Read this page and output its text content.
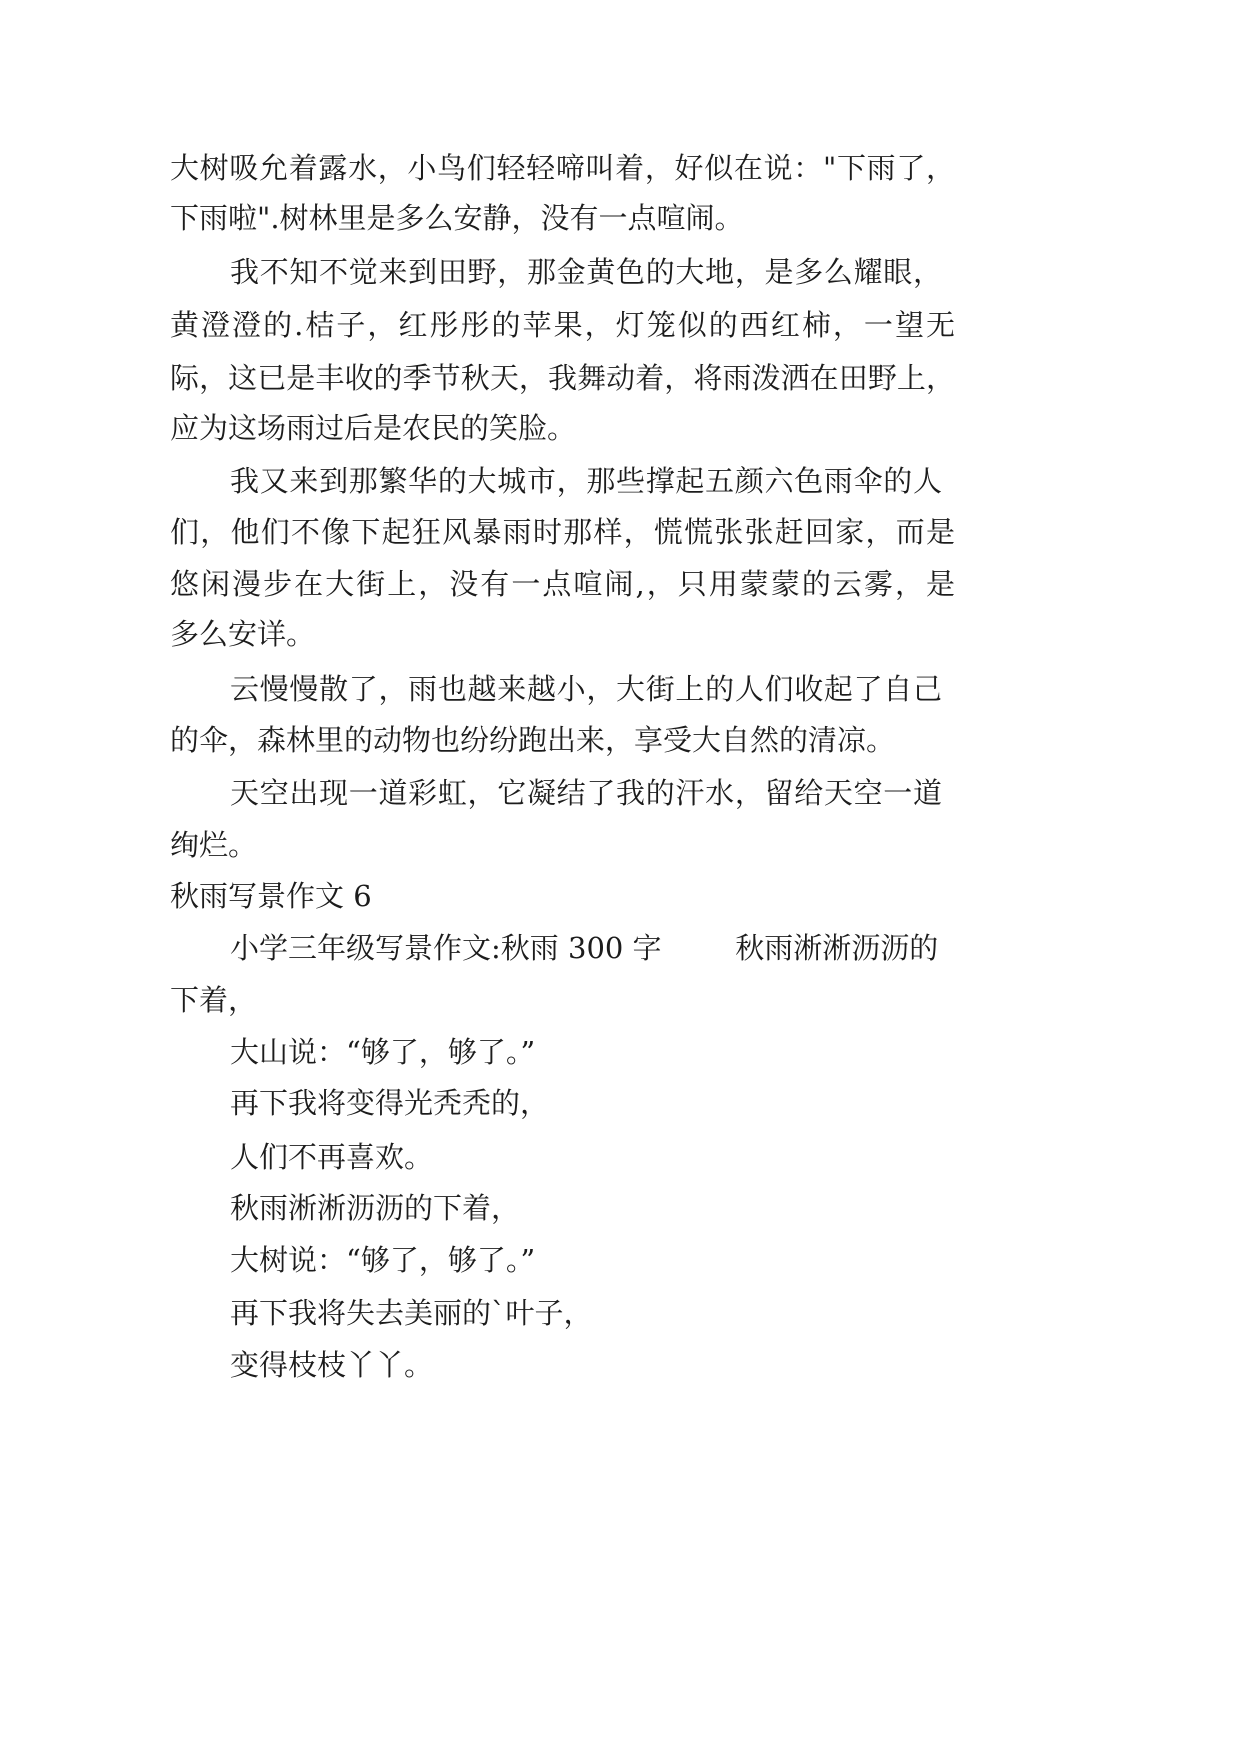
大树吸允着露水，小鸟们轻轻啼叫着，好似在说："下雨了，
下雨啦".树林里是多么安静，没有一点喧闹。
我不知不觉来到田野，那金黄色的大地，是多么耀眼，
黄澄澄的.桔子，红彤彤的苹果，灯笼似的西红柿，一望无
际，这已是丰收的季节秋天，我舞动着，将雨泼洒在田野上，
应为这场雨过后是农民的笑脸。
我又来到那繁华的大城市，那些撑起五颜六色雨伞的人
们，他们不像下起狂风暴雨时那样，慌慌张张赶回家，而是
悠闲漫步在大街上，没有一点喧闹,，只用蒙蒙的云雾，是
多么安详。
云慢慢散了，雨也越来越小，大街上的人们收起了自己
的伞，森林里的动物也纷纷跑出来，享受大自然的清凉。
天空出现一道彩虹，它凝结了我的汗水，留给天空一道
绚烂。
秋雨写景作文 6
小学三年级写景作文:秋雨 300 字        秋雨淅淅沥沥的
下着，
大山说：“够了，够了。”
再下我将变得光秃秃的，
人们不再喜欢。
秋雨淅淅沥沥的下着，
大树说：“够了，够了。”
再下我将失去美丽的`叶子，
变得枝枝丫丫。
